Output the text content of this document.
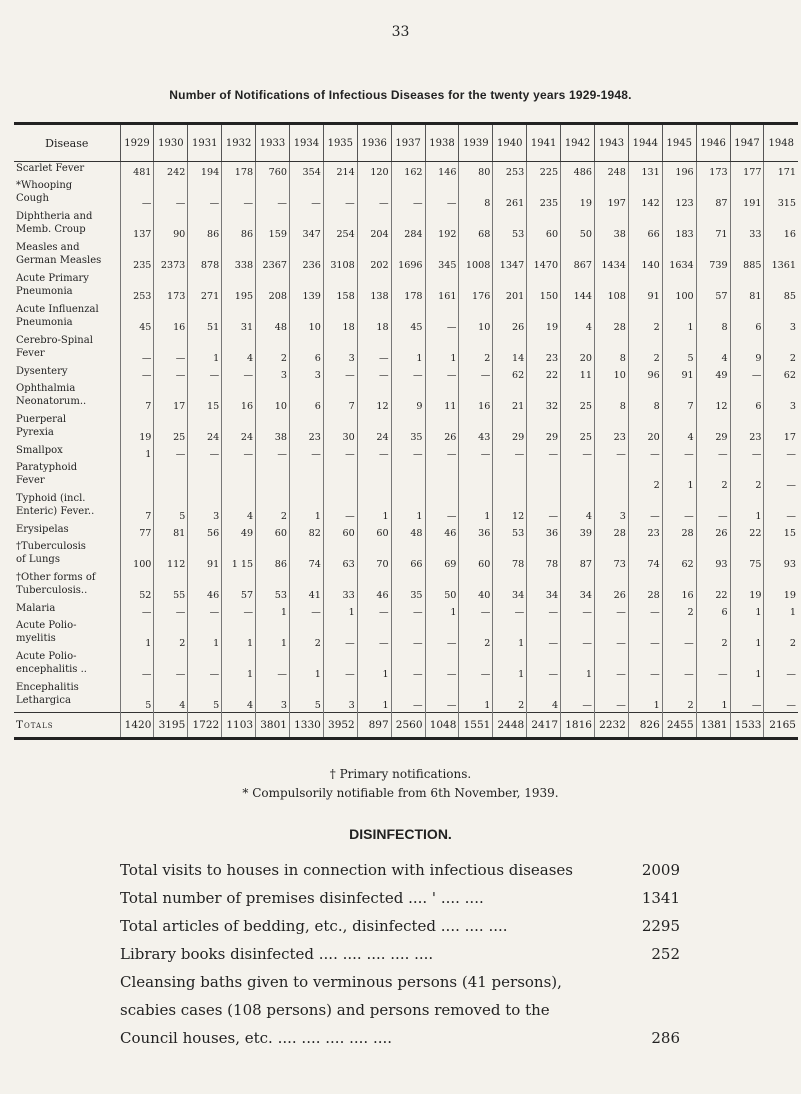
33
Number of Notifications of Infectious Diseases for the twenty years 1929-1948.
Disease	1929	1930	1931	1932	1933	1934	1935	1936	1937	1938	1939	1940	1941	1942	1943	1944	1945	1946	1947	1948

Scarlet Fever	481	242	194	178	760	354	214	120	162	146	80	253	225	486	248	131	196	173	177	171

*Whooping
Cough	—	—	—	—	—	—	—	—	—	—	8	261	235	19	197	142	123	87	191	315

Diphtheria and
Memb. Croup	137	90	86	86	159	347	254	204	284	192	68	53	60	50	38	66	183	71	33	16

Measles and
German Measles	235	2373	878	338	2367	236	3108	202	1696	345	1008	1347	1470	867	1434	140	1634	739	885	1361

Acute Primary
Pneumonia	253	173	271	195	208	139	158	138	178	161	176	201	150	144	108	91	100	57	81	85

Acute Influenzal
Pneumonia	45	16	51	31	48	10	18	18	45	—	10	26	19	4	28	2	1	8	6	3

Cerebro-Spinal
Fever	—	—	1	4	2	6	3	—	1	1	2	14	23	20	8	2	5	4	9	2

Dysentery	—	—	—	—	3	3	—	—	—	—	—	62	22	11	10	96	91	49	—	62

Ophthalmia
Neonatorum..	7	17	15	16	10	6	7	12	9	11	16	21	32	25	8	8	7	12	6	3

Puerperal
Pyrexia	19	25	24	24	38	23	30	24	35	26	43	29	29	25	23	20	4	29	23	17

Smallpox	1	—	—	—	—	—	—	—	—	—	—	—	—	—	—	—	—	—	—	—

Paratyphoid
Fever																2	1	2	2	—

Typhoid (incl.
Enteric) Fever..	7	5	3	4	2	1	—	1	1	—	1	12	—	4	3	—	—	—	1	—

Erysipelas	77	81	56	49	60	82	60	60	48	46	36	53	36	39	28	23	28	26	22	15

†Tuberculosis
of Lungs	100	112	91	1 15	86	74	63	70	66	69	60	78	78	87	73	74	62	93	75	93

†Other forms of
Tuberculosis..	52	55	46	57	53	41	33	46	35	50	40	34	34	34	26	28	16	22	19	19

Malaria	—	—	—	—	1	—	1	—	—	1	—	—	—	—	—	—	2	6	1	1

Acute Polio-
myelitis	1	2	1	1	1	2	—	—	—	—	2	1	—	—	—	—	—	2	1	2

Acute Polio-
encephalitis ..	—	—	—	1	—	1	—	1	—	—	—	1	—	1	—	—	—	—	1	—

Encephalitis
Lethargica	5	4	5	4	3	5	3	1	—	—	1	2	4	—	—	1	2	1	—	—
Totals	1420	3195	1722	1103	3801	1330	3952	897	2560	1048	1551	2448	2417	1816	2232	826	2455	1381	1533	2165
† Primary notifications.
* Compulsorily notifiable from 6th November, 1939.
DISINFECTION.
Total visits to houses in connection with infectious diseases	2009
Total number of premises disinfected .... ' .... ....	1341
Total articles of bedding, etc., disinfected .... .... ....	2295
Library books disinfected .... .... .... .... ....	252
Cleansing baths given to verminous persons (41 persons),
scabies cases (108 persons) and persons removed to the
Council houses, etc. .... .... .... .... ....	286
